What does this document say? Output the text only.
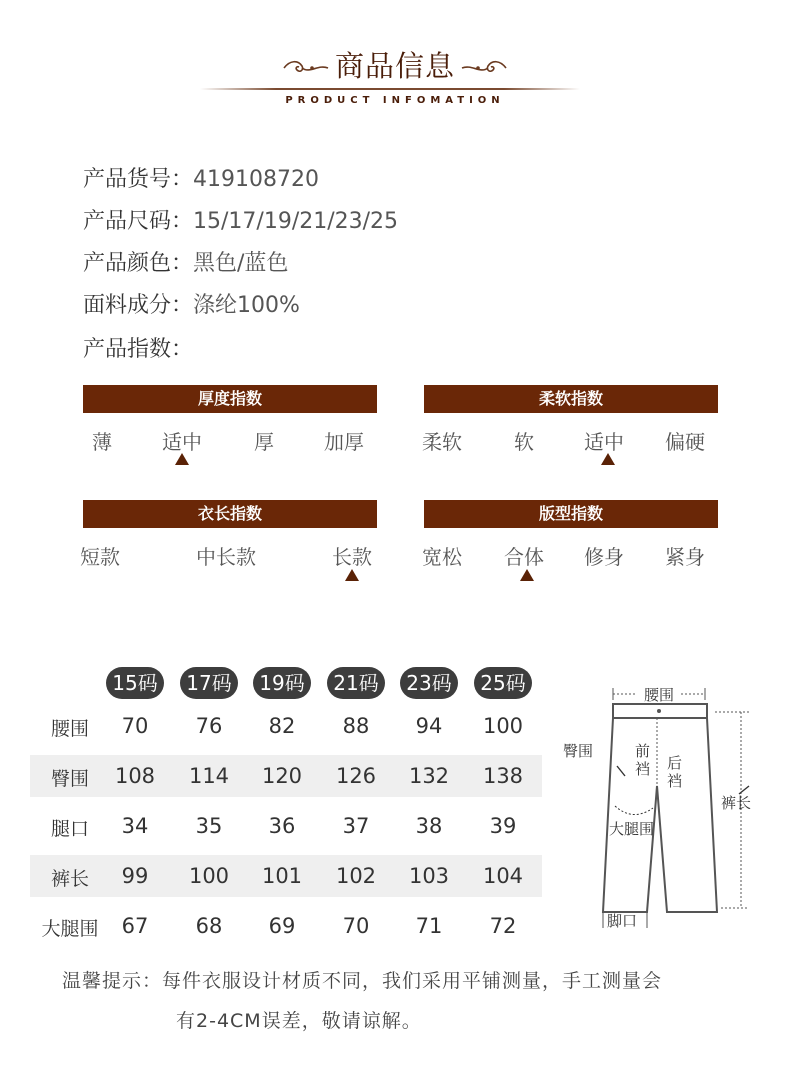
商品信息
PRODUCT INFOMATION
产品货号：419108720
产品尺码：15/17/19/21/23/25
产品颜色：黑色/蓝色
面料成分：涤纶100%
产品指数：
厚度指数
薄	适中	厚	加厚
柔软指数
柔软	软	适中 偏硬
衣长指数
短款	中长款	长款
版型指数
宽松 合体 修身 紧身
15码	17码	19码	21码	23码	25码
腰围	70	76	82	88	94	100
臀围	108	114	120	126	132	138
腿口	34	35	36	37	38	39
裤长	99	100	101	102	103	104
大腿围	67	68	69	70	71	72
腰围
裤长
臀围	前裆 后裆
大腿围
脚口
温馨提示：每件衣服设计材质不同，我们采用平铺测量，手工测量会
有2-4CM误差，敬请谅解。
